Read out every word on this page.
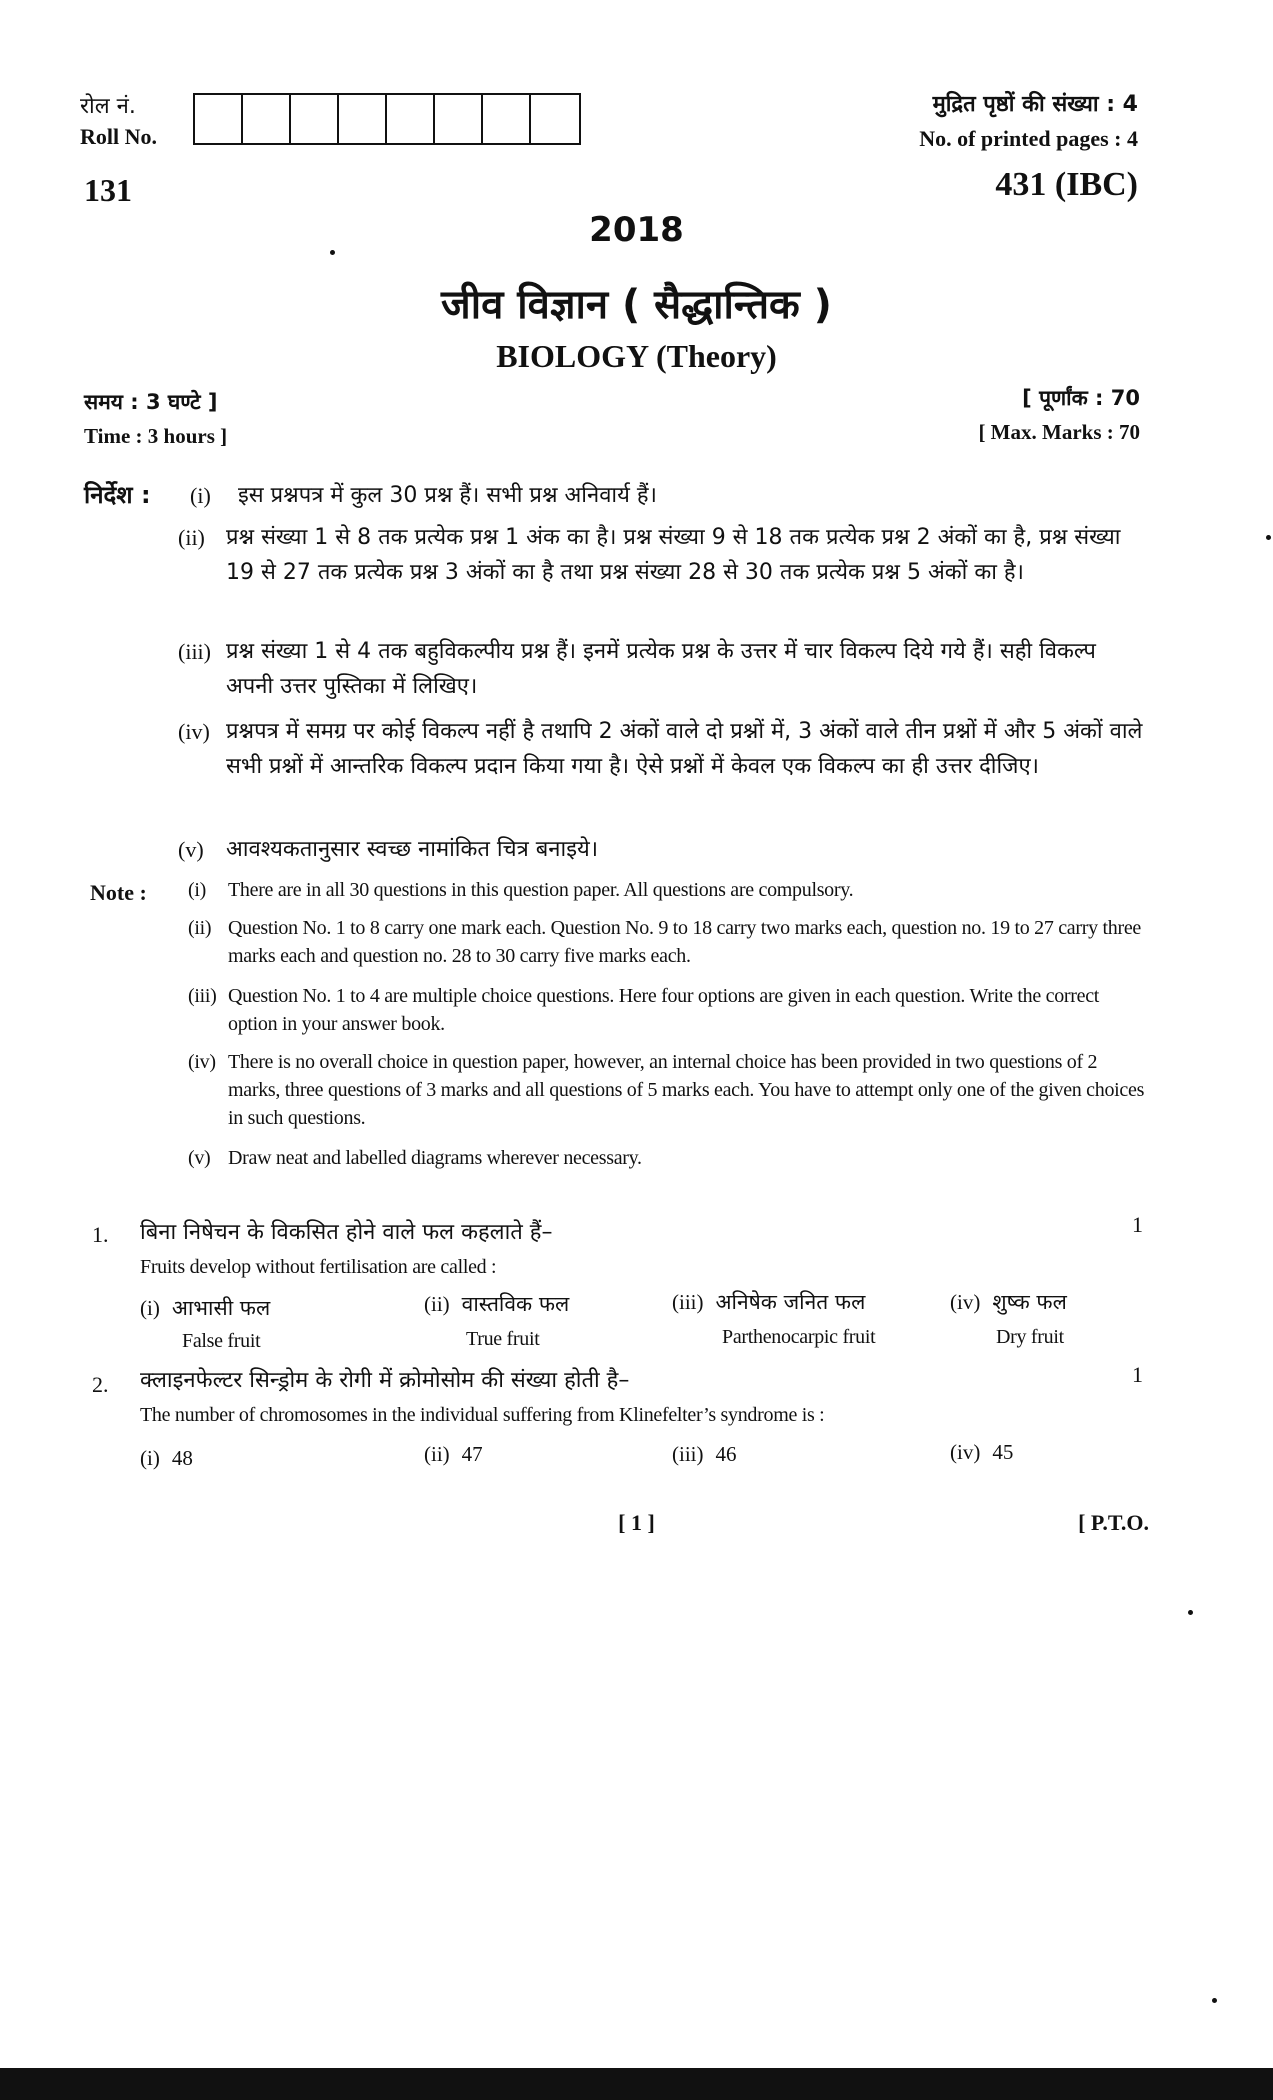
रोल नं.
Roll No.
मुद्रित पृष्ठों की संख्या : 4
No. of printed pages : 4
131	431 (IBC)
2018
जीव विज्ञान ( सैद्धान्तिक )
BIOLOGY (Theory)
समय : 3 घण्टे ]
Time : 3 hours ]
[ पूर्णांक : 70
[ Max. Marks : 70
निर्देश : (i) इस प्रश्नपत्र में कुल 30 प्रश्न हैं। सभी प्रश्न अनिवार्य हैं।
(ii) प्रश्न संख्या 1 से 8 तक प्रत्येक प्रश्न 1 अंक का है। प्रश्न संख्या 9 से 18 तक प्रत्येक प्रश्न 2 अंकों का है, प्रश्न संख्या 19 से 27 तक प्रत्येक प्रश्न 3 अंकों का है तथा प्रश्न संख्या 28 से 30 तक प्रत्येक प्रश्न 5 अंकों का है।
(iii) प्रश्न संख्या 1 से 4 तक बहुविकल्पीय प्रश्न हैं। इनमें प्रत्येक प्रश्न के उत्तर में चार विकल्प दिये गये हैं। सही विकल्प अपनी उत्तर पुस्तिका में लिखिए।
(iv) प्रश्नपत्र में समग्र पर कोई विकल्प नहीं है तथापि 2 अंकों वाले दो प्रश्नों में, 3 अंकों वाले तीन प्रश्नों में और 5 अंकों वाले सभी प्रश्नों में आन्तरिक विकल्प प्रदान किया गया है। ऐसे प्रश्नों में केवल एक विकल्प का ही उत्तर दीजिए।
(v) आवश्यकतानुसार स्वच्छ नामांकित चित्र बनाइये।
Note : (i) There are in all 30 questions in this question paper. All questions are compulsory.
(ii) Question No. 1 to 8 carry one mark each. Question No. 9 to 18 carry two marks each, question no. 19 to 27 carry three marks each and question no. 28 to 30 carry five marks each.
(iii) Question No. 1 to 4 are multiple choice questions. Here four options are given in each question. Write the correct option in your answer book.
(iv) There is no overall choice in question paper, however, an internal choice has been provided in two questions of 2 marks, three questions of 3 marks and all questions of 5 marks each. You have to attempt only one of the given choices in such questions.
(v) Draw neat and labelled diagrams wherever necessary.
1. बिना निषेचन के विकसित होने वाले फल कहलाते हैं–	1
Fruits develop without fertilisation are called :
(i) आभासी फल
False fruit
(ii) वास्तविक फल
True fruit
(iii) अनिषेक जनित फल
Parthenocarpic fruit
(iv) शुष्क फल
Dry fruit
2. क्लाइनफेल्टर सिन्ड्रोम के रोगी में क्रोमोसोम की संख्या होती है–	1
The number of chromosomes in the individual suffering from Klinefelter’s syndrome is :
(i) 48	(ii) 47	(iii) 46	(iv) 45
[ 1 ]	[ P.T.O.
